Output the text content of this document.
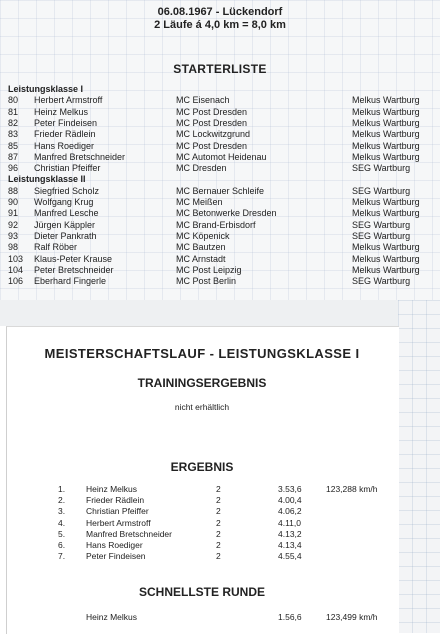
06.08.1967 - Lückendorf
2 Läufe á 4,0 km = 8,0 km
STARTERLISTE
Leistungsklasse I
80 Herbert Armstroff	MC Eisenach	Melkus Wartburg
81 Heinz Melkus	MC Post Dresden	Melkus Wartburg
82 Peter Findeisen	MC Post Dresden	Melkus Wartburg
83 Frieder Rädlein	MC Lockwitzgrund	Melkus Wartburg
85 Hans Roediger	MC Post Dresden	Melkus Wartburg
87 Manfred Bretschneider	MC Automot Heidenau	Melkus Wartburg
96 Christian Pfeiffer	MC Dresden	SEG Wartburg
Leistungsklasse II
88 Siegfried Scholz	MC Bernauer Schleife	SEG Wartburg
90 Wolfgang Krug	MC Meißen	Melkus Wartburg
91 Manfred Lesche	MC Betonwerke Dresden	Melkus Wartburg
92 Jürgen Käppler	MC Brand-Erbisdorf	SEG Wartburg
93 Dieter Pankrath	MC Köpenick	SEG Wartburg
98 Ralf Röber	MC Bautzen	Melkus Wartburg
103 Klaus-Peter Krause	MC Arnstadt	Melkus Wartburg
104 Peter Bretschneider	MC Post Leipzig	Melkus Wartburg
106 Eberhard Fingerle	MC Post Berlin	SEG Wartburg
MEISTERSCHAFTSLAUF - LEISTUNGSKLASSE I
TRAININGSERGEBNIS
nicht erhältlich
ERGEBNIS
1. Heinz Melkus	2	3.53,6	123,288 km/h
2. Frieder Rädlein	2	4.00,4
3. Christian Pfeiffer	2	4.06,2
4. Herbert Armstroff	2	4.11,0
5. Manfred Bretschneider	2	4.13,2
6. Hans Roediger	2	4.13,4
7. Peter Findeisen	2	4.55,4
SCHNELLSTE RUNDE
Heinz Melkus	1.56,6	123,499 km/h
